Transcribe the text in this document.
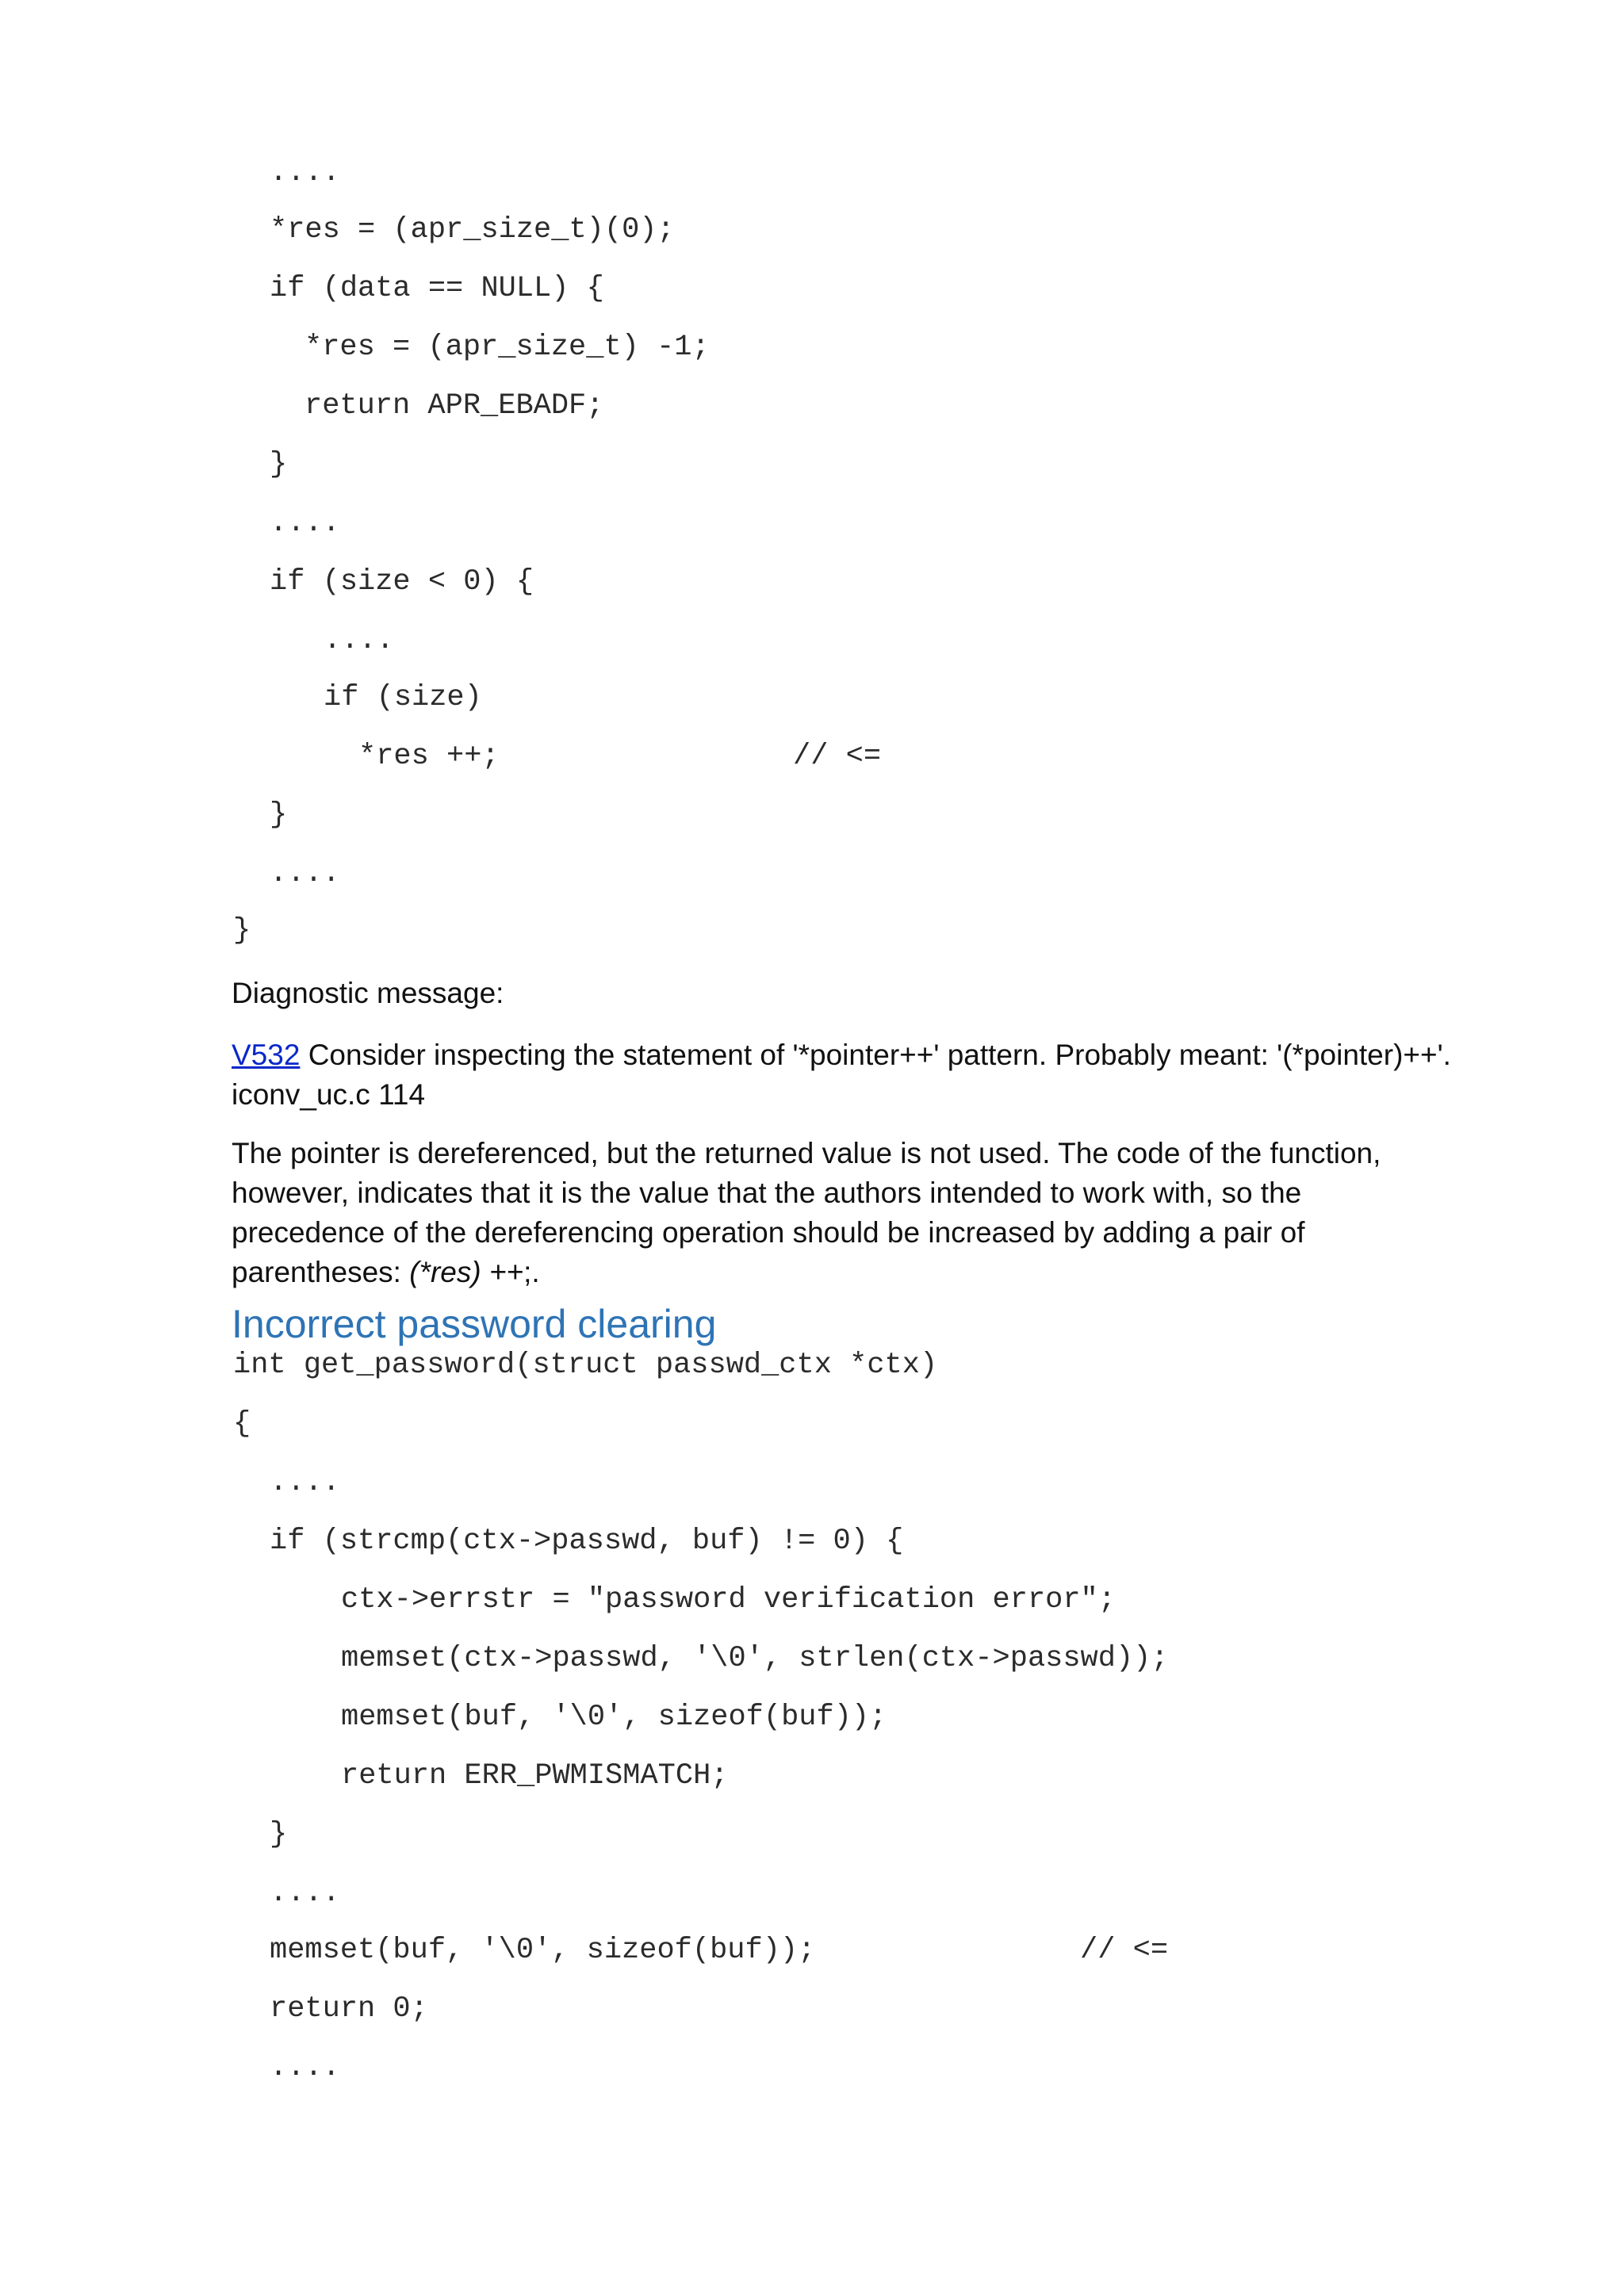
....
*res = (apr_size_t)(0);
if (data == NULL) {
*res = (apr_size_t) -1;
return APR_EBADF;
}
....
if (size < 0) {
....
if (size)
*res ++;	// <=
}
....
}
Diagnostic message:
V532 Consider inspecting the statement of '*pointer++' pattern. Probably meant: '(*pointer)++'.
iconv_uc.c 114
The pointer is dereferenced, but the returned value is not used. The code of the function, however, indicates that it is the value that the authors intended to work with, so the precedence of the dereferencing operation should be increased by adding a pair of parentheses: (*res) ++;.
Incorrect password clearing
int get_password(struct passwd_ctx *ctx)
{
....
if (strcmp(ctx->passwd, buf) != 0) {
ctx->errstr = "password verification error";
memset(ctx->passwd, '\0', strlen(ctx->passwd));
memset(buf, '\0', sizeof(buf));
return ERR_PWMISMATCH;
}
....
memset(buf, '\0', sizeof(buf));	// <=
return 0;
....
